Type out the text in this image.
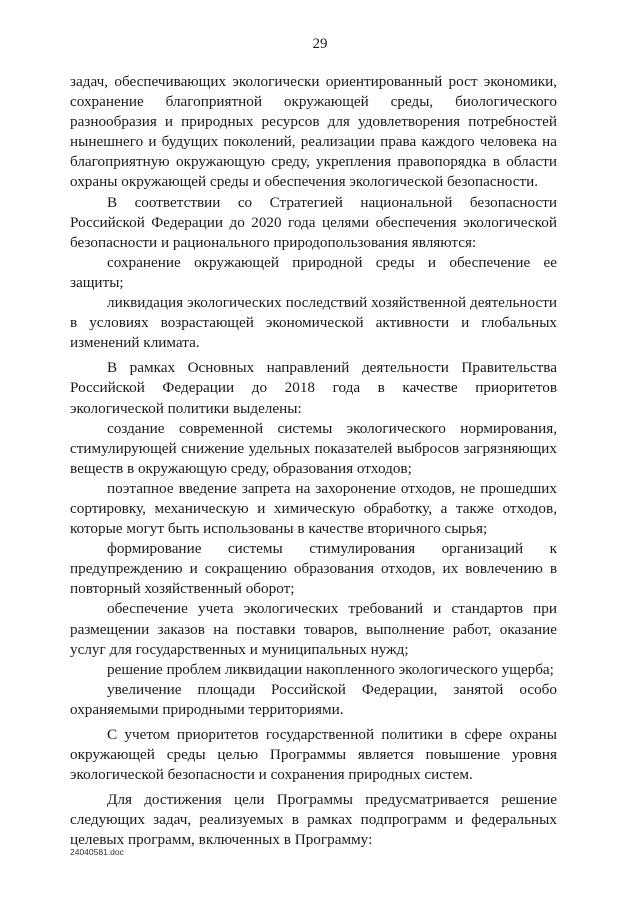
29

задач, обеспечивающих экологически ориентированный рост экономики, сохранение благоприятной окружающей среды, биологического разнообразия и природных ресурсов для удовлетворения потребностей нынешнего и будущих поколений, реализации права каждого человека на благоприятную окружающую среду, укрепления правопорядка в области охраны окружающей среды и обеспечения экологической безопасности.

В соответствии со Стратегией национальной безопасности Российской Федерации до 2020 года целями обеспечения экологической безопасности и рационального природопользования являются:

сохранение окружающей природной среды и обеспечение ее защиты;

ликвидация экологических последствий хозяйственной деятельности в условиях возрастающей экономической активности и глобальных изменений климата.

В рамках Основных направлений деятельности Правительства Российской Федерации до 2018 года в качестве приоритетов экологической политики выделены:

создание современной системы экологического нормирования, стимулирующей снижение удельных показателей выбросов загрязняющих веществ в окружающую среду, образования отходов;

поэтапное введение запрета на захоронение отходов, не прошедших сортировку, механическую и химическую обработку, а также отходов, которые могут быть использованы в качестве вторичного сырья;

формирование системы стимулирования организаций к предупреждению и сокращению образования отходов, их вовлечению в повторный хозяйственный оборот;

обеспечение учета экологических требований и стандартов при размещении заказов на поставки товаров, выполнение работ, оказание услуг для государственных и муниципальных нужд;

решение проблем ликвидации накопленного экологического ущерба;

увеличение площади Российской Федерации, занятой особо охраняемыми природными территориями.

С учетом приоритетов государственной политики в сфере охраны окружающей среды целью Программы является повышение уровня экологической безопасности и сохранения природных систем.

Для достижения цели Программы предусматривается решение следующих задач, реализуемых в рамках подпрограмм и федеральных целевых программ, включенных в Программу:

24040581.doc
